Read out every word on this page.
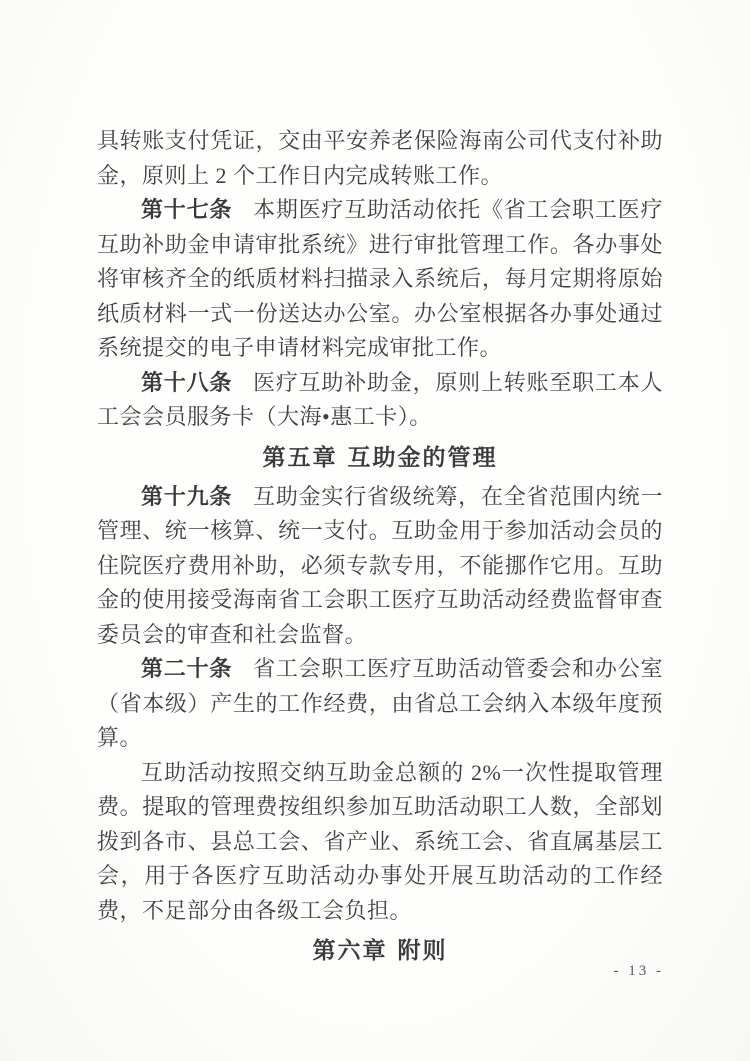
具转账支付凭证，交由平安养老保险海南公司代支付补助金，原则上 2 个工作日内完成转账工作。

第十七条 本期医疗互助活动依托《省工会职工医疗互助补助金申请审批系统》进行审批管理工作。各办事处将审核齐全的纸质材料扫描录入系统后，每月定期将原始纸质材料一式一份送达办公室。办公室根据各办事处通过系统提交的电子申请材料完成审批工作。

第十八条 医疗互助补助金，原则上转账至职工本人工会会员服务卡（大海•惠工卡）。

第五章 互助金的管理

第十九条 互助金实行省级统筹，在全省范围内统一管理、统一核算、统一支付。互助金用于参加活动会员的住院医疗费用补助，必须专款专用，不能挪作它用。互助金的使用接受海南省工会职工医疗互助活动经费监督审查委员会的审查和社会监督。

第二十条 省工会职工医疗互助活动管委会和办公室（省本级）产生的工作经费，由省总工会纳入本级年度预算。

互助活动按照交纳互助金总额的 2%一次性提取管理费。提取的管理费按组织参加互助活动职工人数，全部划拨到各市、县总工会、省产业、系统工会、省直属基层工会，用于各医疗互助活动办事处开展互助活动的工作经费，不足部分由各级工会负担。

第六章 附则
- 13 -
